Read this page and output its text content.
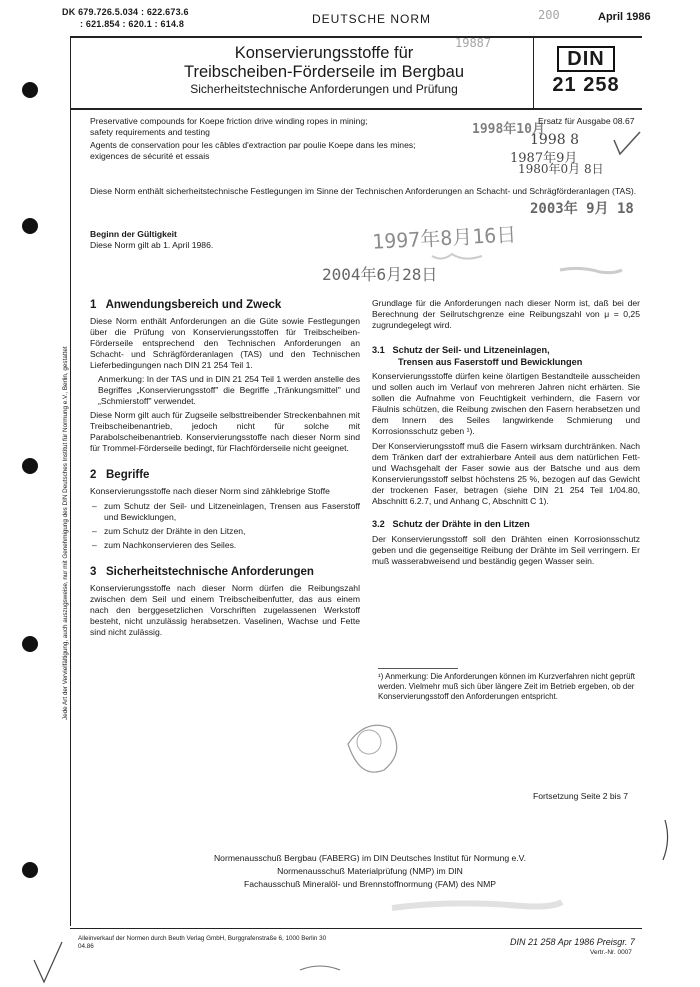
DK 679.726.5.034 : 622.673.6
: 621.854 : 620.1 : 614.8	DEUTSCHE NORM	April 1986
Konservierungsstoffe für
Treibscheiben-Förderseile im Bergbau
Sicherheitstechnische Anforderungen und Prüfung
DIN
21 258
Preservative compounds for Koepe friction drive winding ropes in mining;
safety requirements and testing
Agents de conservation pour les câbles d'extraction par poulie Koepe dans les mines;
exigences de sécurité et essais
Ersatz für Ausgabe 08.67
Diese Norm enthält sicherheitstechnische Festlegungen im Sinne der Technischen Anforderungen an Schacht- und Schrägförderanlagen (TAS).
Beginn der Gültigkeit
Diese Norm gilt ab 1. April 1986.
1 Anwendungsbereich und Zweck
Diese Norm enthält Anforderungen an die Güte sowie Festlegungen über die Prüfung von Konservierungsstoffen für Treibscheiben-Förderseile entsprechend den Technischen Anforderungen an Schacht- und Schrägförderanlagen (TAS) und den Technischen Lieferbedingungen nach DIN 21 254 Teil 1.
Anmerkung: In der TAS und in DIN 21 254 Teil 1 werden anstelle des Begriffes „Konservierungsstoff" die Begriffe „Tränkungsmittel" und „Schmierstoff" verwendet.
Diese Norm gilt auch für Zugseile selbsttreibender Streckenbahnen mit Treibscheibenantrieb, jedoch nicht für solche mit Parabolscheibenantrieb. Konservierungsstoffe nach dieser Norm sind für Trommel-Förderseile bedingt, für Flachförderseile nicht geeignet.
2 Begriffe
Konservierungsstoffe nach dieser Norm sind zähklebrige Stoffe
– zum Schutz der Seil- und Litzeneinlagen, Trensen aus Faserstoff und Bewicklungen,
– zum Schutz der Drähte in den Litzen,
– zum Nachkonservieren des Seiles.
3 Sicherheitstechnische Anforderungen
Konservierungsstoffe nach dieser Norm dürfen die Reibungszahl zwischen dem Seil und einem Treibscheibenfutter, das aus einem nach den berggesetzlichen Vorschriften zugelassenen Werkstoff besteht, nicht unzulässig herabsetzen. Vaselinen, Wachse und Fette sind nicht zulässig.
Grundlage für die Anforderungen nach dieser Norm ist, daß bei der Berechnung der Seilrutschgrenze eine Reibungszahl von μ = 0,25 zugrundegelegt wird.
3.1 Schutz der Seil- und Litzeneinlagen,
Trensen aus Faserstoff und Bewicklungen
Konservierungsstoffe dürfen keine ölartigen Bestandteile ausscheiden und sollen auch im Verlauf von mehreren Jahren nicht erhärten. Sie sollen die Aufnahme von Feuchtigkeit verhindern, die Fasern vor Fäulnis schützen, die Reibung zwischen den Fasern herabsetzen und dem Innern des Seiles langwirkende Schmierung und Korrosionsschutz geben ¹).
Der Konservierungsstoff muß die Fasern wirksam durchtränken. Nach dem Tränken darf der extrahierbare Anteil aus dem natürlichen Fett- und Wachsgehalt der Faser sowie aus der Batsche und aus dem Konservierungsstoff selbst höchstens 25 %, bezogen auf das Gewicht der trockenen Faser, betragen (siehe DIN 21 254 Teil 1/04.80, Abschnitt 6.2.7, und Anhang C, Abschnitt C 1).
3.2 Schutz der Drähte in den Litzen
Der Konservierungsstoff soll den Drähten einen Korrosionsschutz geben und die gegenseitige Reibung der Drähte im Seil verringern. Er muß wasserabweisend und beständig gegen Wasser sein.
¹) Anmerkung: Die Anforderungen können im Kurzverfahren nicht geprüft werden. Vielmehr muß sich über längere Zeit im Betrieb ergeben, ob der Konservierungsstoff den Anforderungen entspricht.
Fortsetzung Seite 2 bis 7
Normenausschuß Bergbau (FABERG) im DIN Deutsches Institut für Normung e.V.
Normenausschuß Materialprüfung (NMP) im DIN
Fachausschuß Mineralöl- und Brennstoffnormung (FAM) des NMP
Jede Art der Vervielfältigung, auch auszugsweise, nur mit Genehmigung des DIN Deutsches Institut für Normung e.V., Berlin, gestattet
Alleinverkauf der Normen durch Beuth Verlag GmbH, Burggrafenstraße 6, 1000 Berlin 30
04.86	DIN 21 258 Apr 1986 Preisgr. 7
Vertr.-Nr. 0007
1998年10月
1998 8
1987年9月
1980年0月 8日
2003年 9月 18
1997年8月16日
2004年6月28日
200
19887
